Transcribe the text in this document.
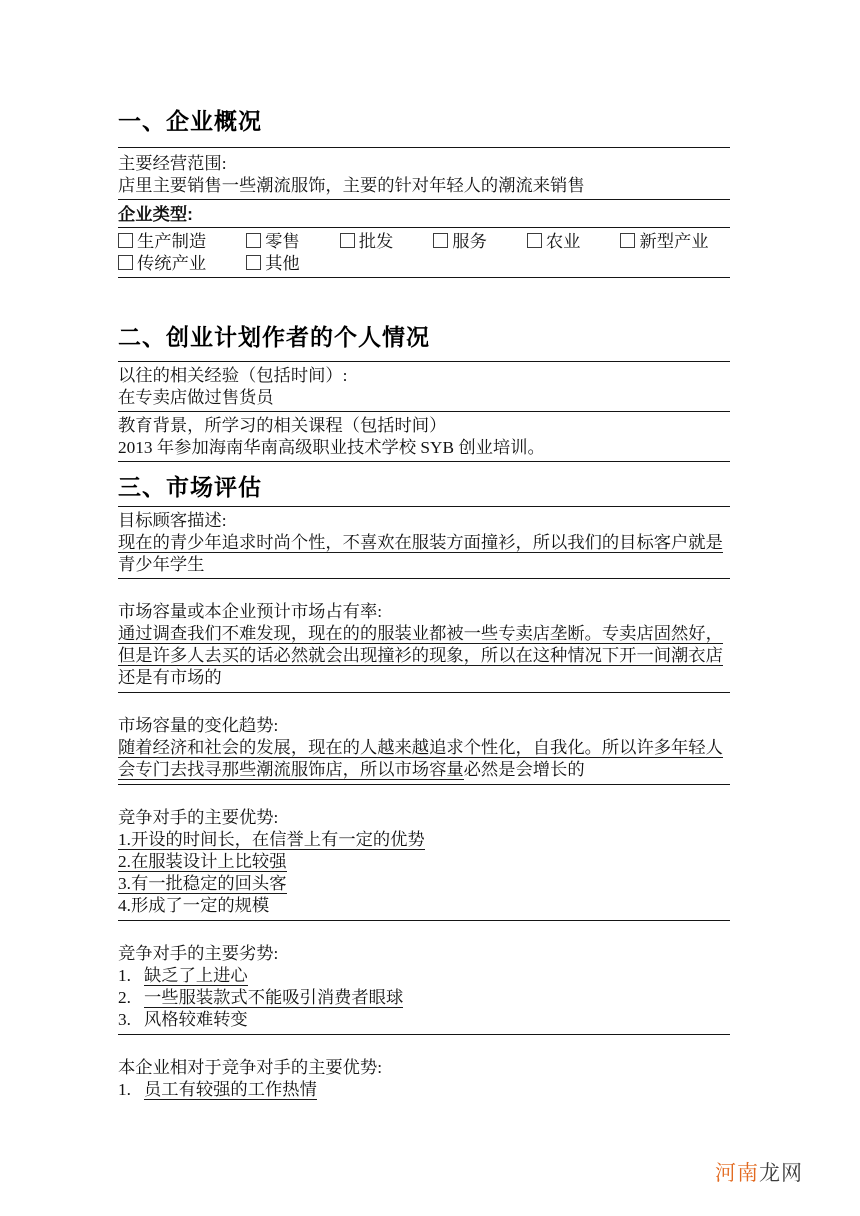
一、企业概况
主要经营范围:
店里主要销售一些潮流服饰，主要的针对年轻人的潮流来销售
企业类型:
生产制造	零售	批发	服务	农业	新型产业
传统产业	其他
二、创业计划作者的个人情况
以往的相关经验（包括时间）:
在专卖店做过售货员
教育背景，所学习的相关课程（包括时间）
2013 年参加海南华南高级职业技术学校 SYB 创业培训。
三、市场评估
目标顾客描述:
现在的青少年追求时尚个性，不喜欢在服装方面撞衫，所以我们的目标客户就是
青少年学生
市场容量或本企业预计市场占有率:
通过调查我们不难发现，现在的的服装业都被一些专卖店垄断。专卖店固然好，
但是许多人去买的话必然就会出现撞衫的现象，所以在这种情况下开一间潮衣店
还是有市场的
市场容量的变化趋势:
随着经济和社会的发展，现在的人越来越追求个性化，自我化。所以许多年轻人
会专门去找寻那些潮流服饰店，所以市场容量必然是会增长的
竞争对手的主要优势:
1.开设的时间长，在信誉上有一定的优势
2.在服装设计上比较强
3.有一批稳定的回头客
4.形成了一定的规模
竞争对手的主要劣势:
1. 缺乏了上进心
2. 一些服装款式不能吸引消费者眼球
3. 风格较难转变
本企业相对于竞争对手的主要优势:
1. 员工有较强的工作热情
河南龙网
